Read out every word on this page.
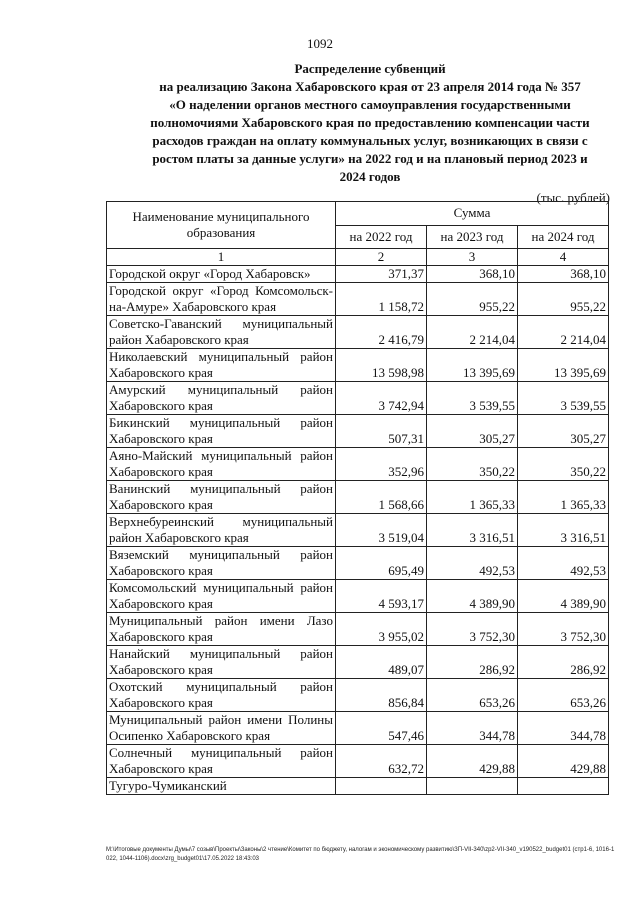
1092
Распределение субвенций
на реализацию Закона Хабаровского края от 23 апреля 2014 года № 357
«О наделении органов местного самоуправления государственными
полномочиями Хабаровского края по предоставлению компенсации части
расходов граждан на оплату коммунальных услуг, возникающих в связи с
ростом платы за данные услуги» на 2022 год и на плановый период 2023 и
2024 годов
(тыс. рублей)
Наименование муниципального образования	Сумма		
	на 2022 год	на 2023 год	на 2024 год
1	2	3	4
Городской округ «Город Хабаровск»	371,37	368,10	368,10
Городской округ «Город Комсомольск-на-Амуре» Хабаровского края	1 158,72	955,22	955,22
Советско-Гаванский муниципальный район Хабаровского края	2 416,79	2 214,04	2 214,04
Николаевский муниципальный район Хабаровского края	13 598,98	13 395,69	13 395,69
Амурский муниципальный район Хабаровского края	3 742,94	3 539,55	3 539,55
Бикинский муниципальный район Хабаровского края	507,31	305,27	305,27
Аяно-Майский муниципальный район Хабаровского края	352,96	350,22	350,22
Ванинский муниципальный район Хабаровского края	1 568,66	1 365,33	1 365,33
Верхнебуреинский муниципальный район Хабаровского края	3 519,04	3 316,51	3 316,51
Вяземский муниципальный район Хабаровского края	695,49	492,53	492,53
Комсомольский муниципальный район Хабаровского края	4 593,17	4 389,90	4 389,90
Муниципальный район имени Лазо Хабаровского края	3 955,02	3 752,30	3 752,30
Нанайский муниципальный район Хабаровского края	489,07	286,92	286,92
Охотский муниципальный район Хабаровского края	856,84	653,26	653,26
Муниципальный район имени Полины Осипенко Хабаровского края	547,46	344,78	344,78
Солнечный муниципальный район Хабаровского края	632,72	429,88	429,88
Тугуро-Чумиканский			
M:\Итоговые документы Думы\7 созыв\Проекты\Законы\2 чтение\Комитет по бюджету, налогам и экономическому развитию\ЗП-VII-340\zp2-VII-340_v190522_budget01 (стр1-6, 1016-1022, 1044-1106).docx\zrg_budget01\17.05.2022 18:43:03
